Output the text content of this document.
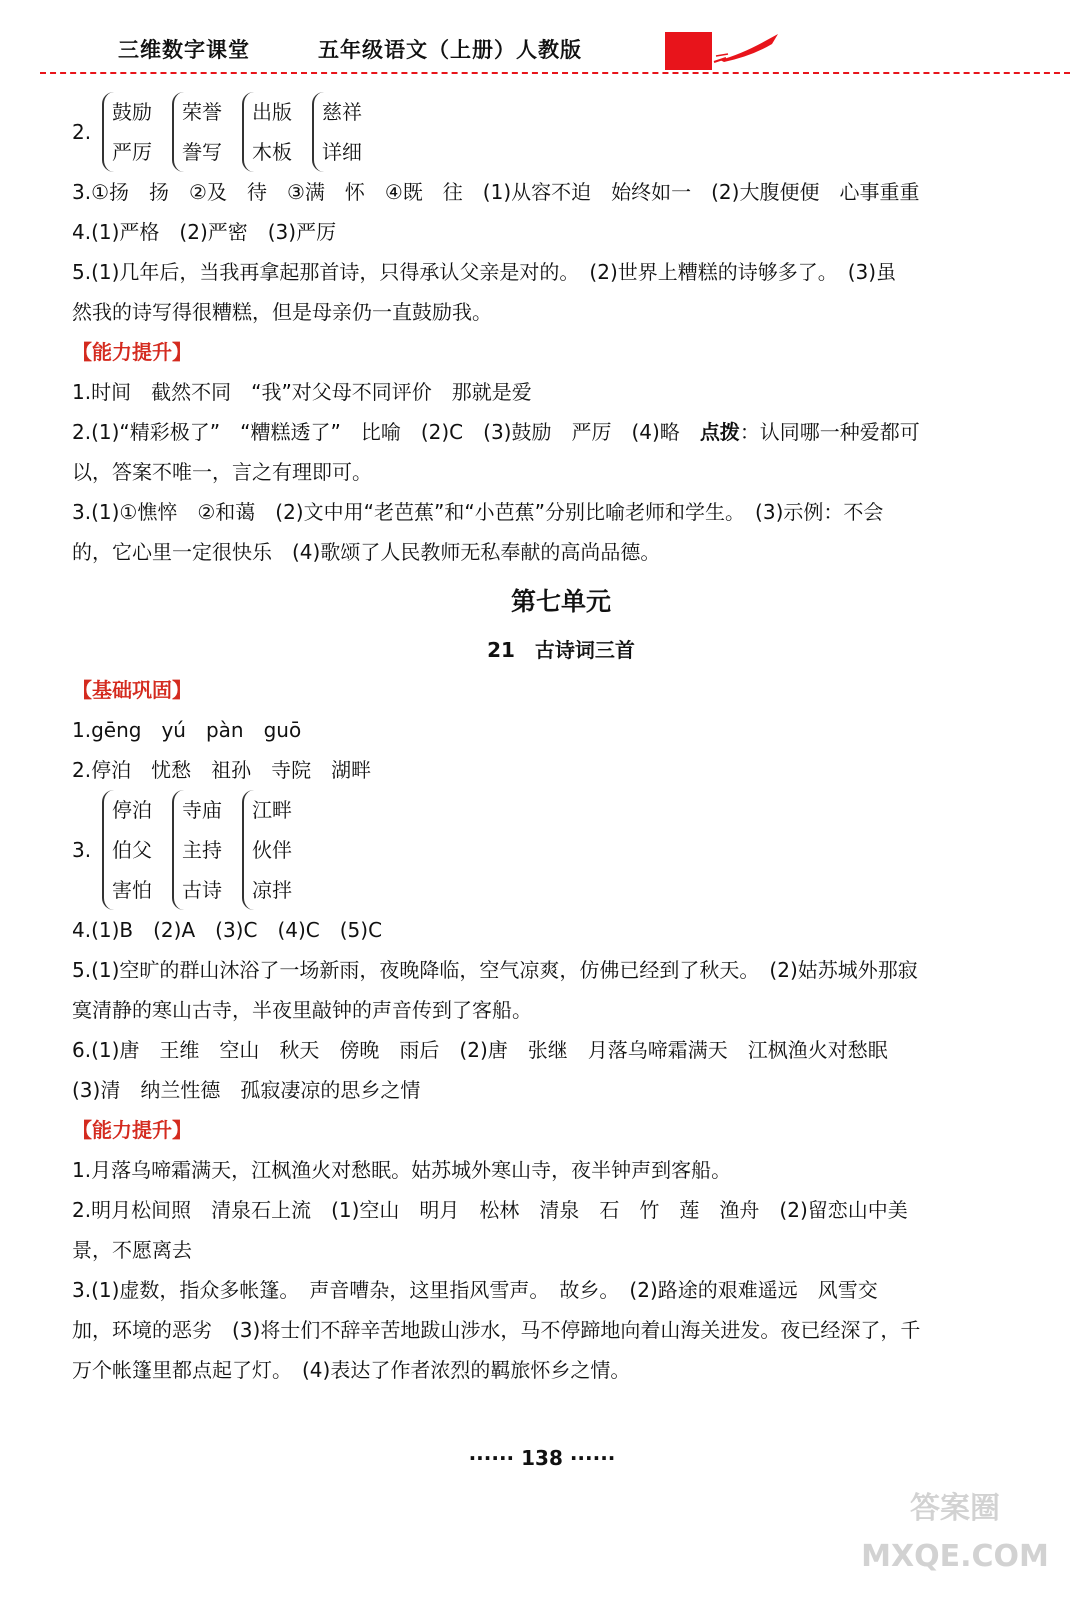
三维数字课堂	五年级语文（上册）人教版
2.
鼓励
严厉
荣誉
誊写
出版
木板
慈祥
详细
3.①扬　扬　②及　待　③满　怀　④既　往　(1)从容不迫　始终如一　(2)大腹便便　心事重重
4.(1)严格　(2)严密　(3)严厉
5.(1)几年后，当我再拿起那首诗，只得承认父亲是对的。　(2)世界上糟糕的诗够多了。　(3)虽
然我的诗写得很糟糕，但是母亲仍一直鼓励我。
【能力提升】
1.时间　截然不同　“我”对父母不同评价　那就是爱
2.(1)“精彩极了”　“糟糕透了”　比喻　(2)C　(3)鼓励　严厉　(4)略　点拨：认同哪一种爱都可
以，答案不唯一，言之有理即可。
3.(1)①憔悴　②和蔼　(2)文中用“老芭蕉”和“小芭蕉”分别比喻老师和学生。　(3)示例：不会
的，它心里一定很快乐　(4)歌颂了人民教师无私奉献的高尚品德。
第七单元
21　 古诗词三首
【基础巩固】
1.gēng　yú　pàn　guō
2.停泊　忧愁　祖孙　寺院　湖畔
3.
停泊
伯父
害怕
寺庙
主持
古诗
江畔
伙伴
凉拌
4.(1)B　(2)A　(3)C　(4)C　(5)C
5.(1)空旷的群山沐浴了一场新雨，夜晚降临，空气凉爽，仿佛已经到了秋天。　(2)姑苏城外那寂
寞清静的寒山古寺，半夜里敲钟的声音传到了客船。
6.(1)唐　王维　空山　秋天　傍晚　雨后　(2)唐　张继　月落乌啼霜满天　江枫渔火对愁眠
(3)清　纳兰性德　孤寂凄凉的思乡之情
【能力提升】
1.月落乌啼霜满天，江枫渔火对愁眠。姑苏城外寒山寺，夜半钟声到客船。
2.明月松间照　清泉石上流　(1)空山　明月　松林　清泉　石　竹　莲　渔舟　(2)留恋山中美
景，不愿离去
3.(1)虚数，指众多帐篷。　声音嘈杂，这里指风雪声。　故乡。　(2)路途的艰难遥远　风雪交
加，环境的恶劣　(3)将士们不辞辛苦地跋山涉水，马不停蹄地向着山海关进发。夜已经深了，千
万个帐篷里都点起了灯。　(4)表达了作者浓烈的羁旅怀乡之情。
······ 138 ······
答案圈
MXQE.COM
